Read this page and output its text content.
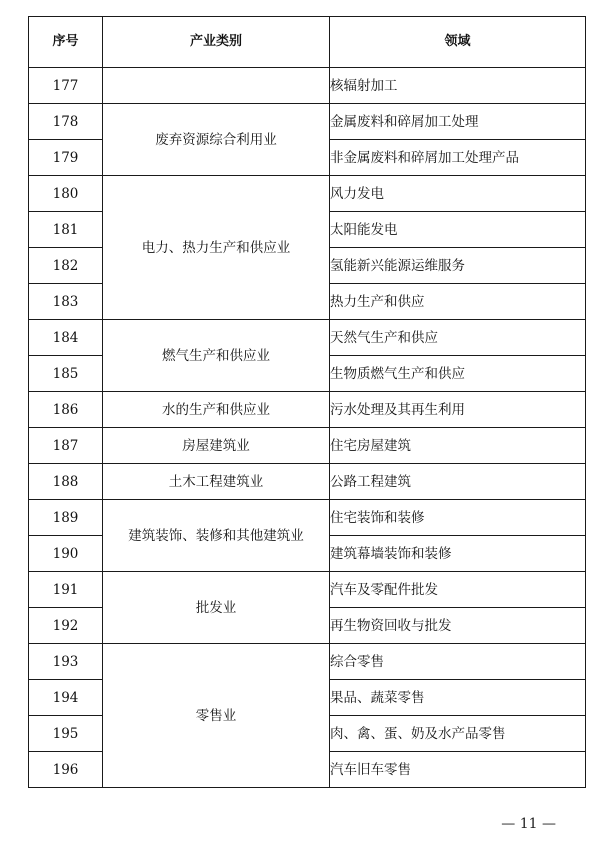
序号	产业类别	领域
177		核辐射加工
178	废弃资源综合利用业	金属废料和碎屑加工处理
179		非金属废料和碎屑加工处理产品
180	电力、热力生产和供应业	风力发电
181		太阳能发电
182		氢能新兴能源运维服务
183		热力生产和供应
184	燃气生产和供应业	天然气生产和供应
185		生物质燃气生产和供应
186	水的生产和供应业	污水处理及其再生利用
187	房屋建筑业	住宅房屋建筑
188	土木工程建筑业	公路工程建筑
189	建筑装饰、装修和其他建筑业	住宅装饰和装修
190		建筑幕墙装饰和装修
191	批发业	汽车及零配件批发
192		再生物资回收与批发
193	零售业	综合零售
194		果品、蔬菜零售
195		肉、禽、蛋、奶及水产品零售
196		汽车旧车零售
— 11 —
